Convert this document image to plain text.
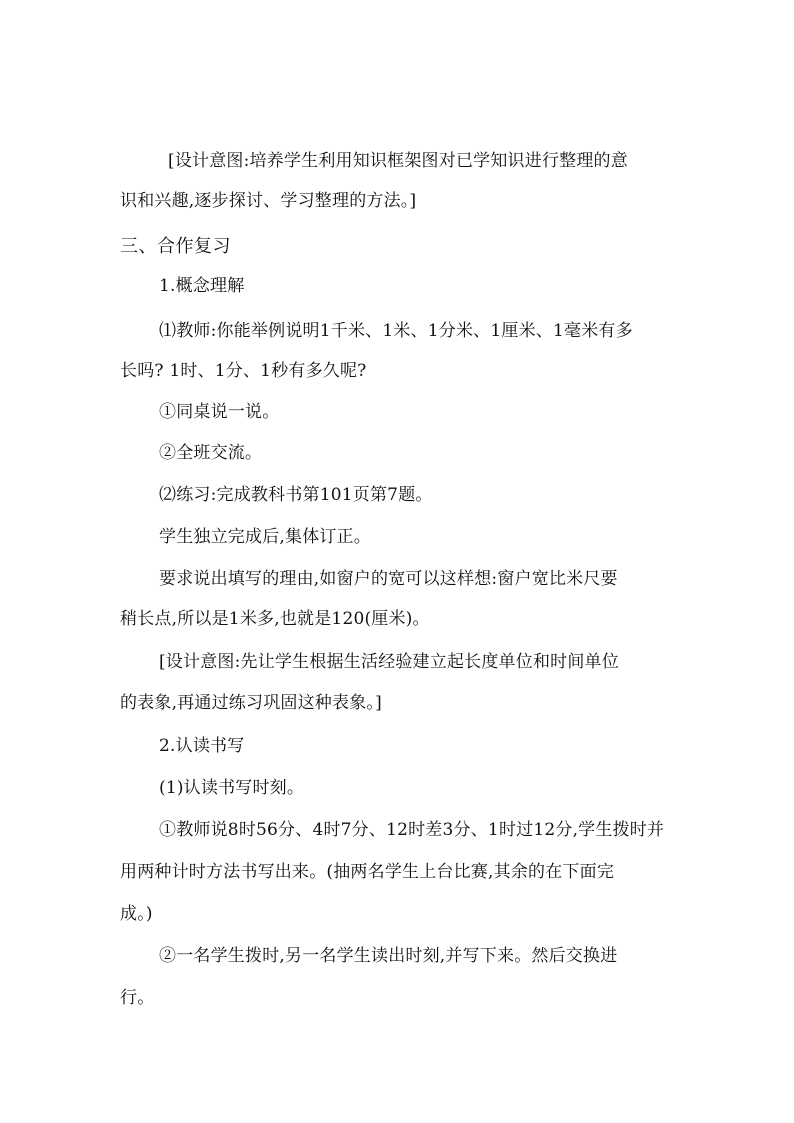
[设计意图:培养学生利用知识框架图对已学知识进行整理的意
识和兴趣,逐步探讨、学习整理的方法。]
三、合作复习
1.概念理解
⑴教师:你能举例说明1千米、1米、1分米、1厘米、1毫米有多
长吗? 1时、1分、1秒有多久呢?
①同桌说一说。
②全班交流。
⑵练习:完成教科书第101页第7题。
学生独立完成后,集体订正。
要求说出填写的理由,如窗户的宽可以这样想:窗户宽比米尺要
稍长点,所以是1米多,也就是120(厘米)。
[设计意图:先让学生根据生活经验建立起长度单位和时间单位
的表象,再通过练习巩固这种表象。]
2.认读书写
(1)认读书写时刻。
①教师说8时56分、4时7分、12时差3分、1时过12分,学生拨时并
用两种计时方法书写出来。(抽两名学生上台比赛,其余的在下面完
成。)
②一名学生拨时,另一名学生读出时刻,并写下来。然后交换进
行。
